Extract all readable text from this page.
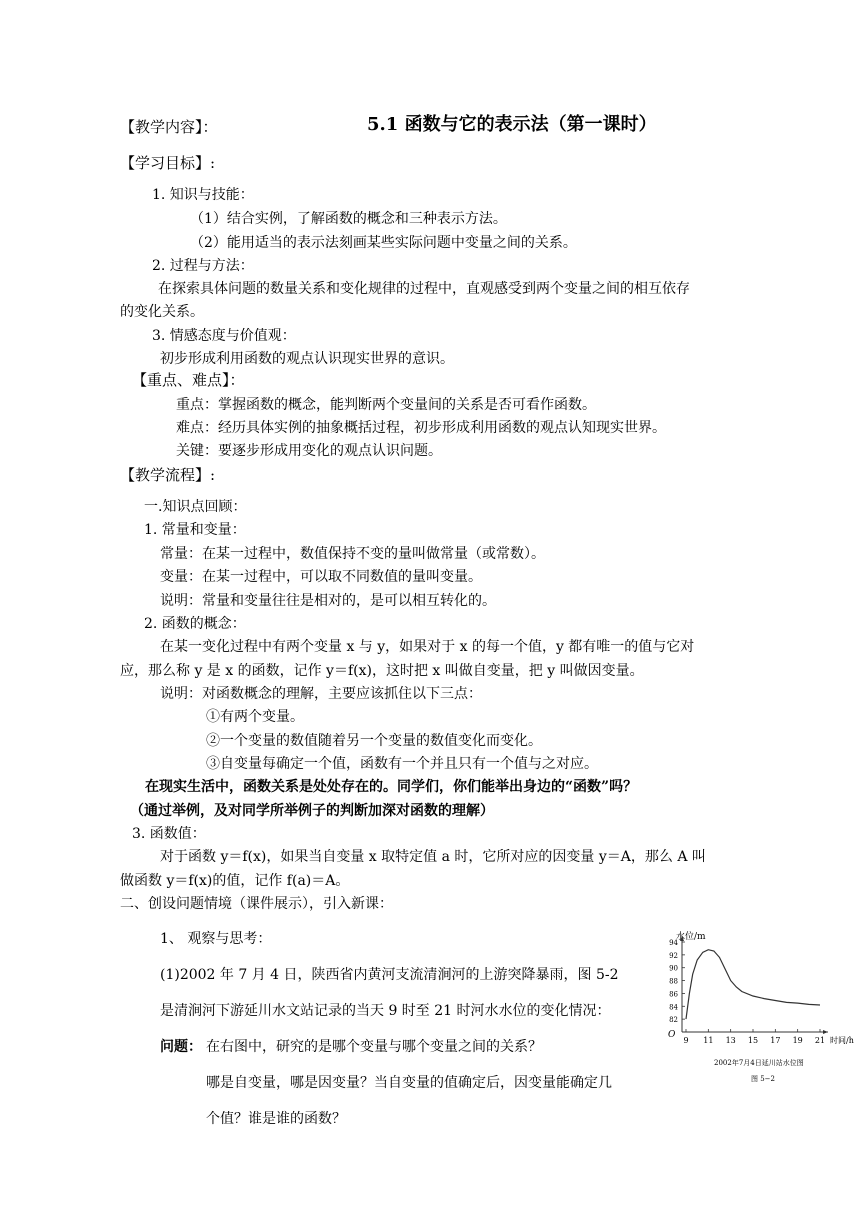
【教学内容】：	5.1 函数与它的表示法（第一课时）
【学习目标】:
1. 知识与技能：
（1）结合实例，了解函数的概念和三种表示方法。
（2）能用适当的表示法刻画某些实际问题中变量之间的关系。
2. 过程与方法：
在探索具体问题的数量关系和变化规律的过程中，直观感受到两个变量之间的相互依存
的变化关系。
3. 情感态度与价值观：
初步形成利用函数的观点认识现实世界的意识。
【重点、难点】：
重点：掌握函数的概念，能判断两个变量间的关系是否可看作函数。
难点：经历具体实例的抽象概括过程，初步形成利用函数的观点认知现实世界。
关键：要逐步形成用变化的观点认识问题。
【教学流程】:
一.知识点回顾：
1. 常量和变量：
常量：在某一过程中，数值保持不变的量叫做常量（或常数）。
变量：在某一过程中，可以取不同数值的量叫变量。
说明：常量和变量往往是相对的，是可以相互转化的。
2. 函数的概念：
在某一变化过程中有两个变量 x 与 y，如果对于 x 的每一个值，y 都有唯一的值与它对
应，那么称 y 是 x 的函数，记作 y＝f(x)，这时把 x 叫做自变量，把 y 叫做因变量。
说明：对函数概念的理解，主要应该抓住以下三点：
①有两个变量。
②一个变量的数值随着另一个变量的数值变化而变化。
③自变量每确定一个值，函数有一个并且只有一个值与之对应。
在现实生活中，函数关系是处处存在的。同学们，你们能举出身边的“函数”吗？
（通过举例，及对同学所举例子的判断加深对函数的理解）
3. 函数值：
对于函数 y＝f(x)，如果当自变量 x 取特定值 a 时，它所对应的因变量 y＝A，那么 A 叫
做函数 y＝f(x)的值，记作 f(a)＝A。
二、创设问题情境（课件展示），引入新课：
1、 观察与思考：
(1)2002 年 7 月 4 日，陕西省内黄河支流清涧河的上游突降暴雨，图 5-2
是清涧河下游延川水文站记录的当天 9 时至 21 时河水水位的变化情况：
问题： 在右图中，研究的是哪个变量与哪个变量之间的关系？
哪是自变量，哪是因变量？当自变量的值确定后，因变量能确定几
个值？谁是谁的函数？
9 11 13 15 17 19 21
82
84
86
88
90
92
94
水位/m
时间/h
O
2002年7月4日延川站水位图
图 5−2
